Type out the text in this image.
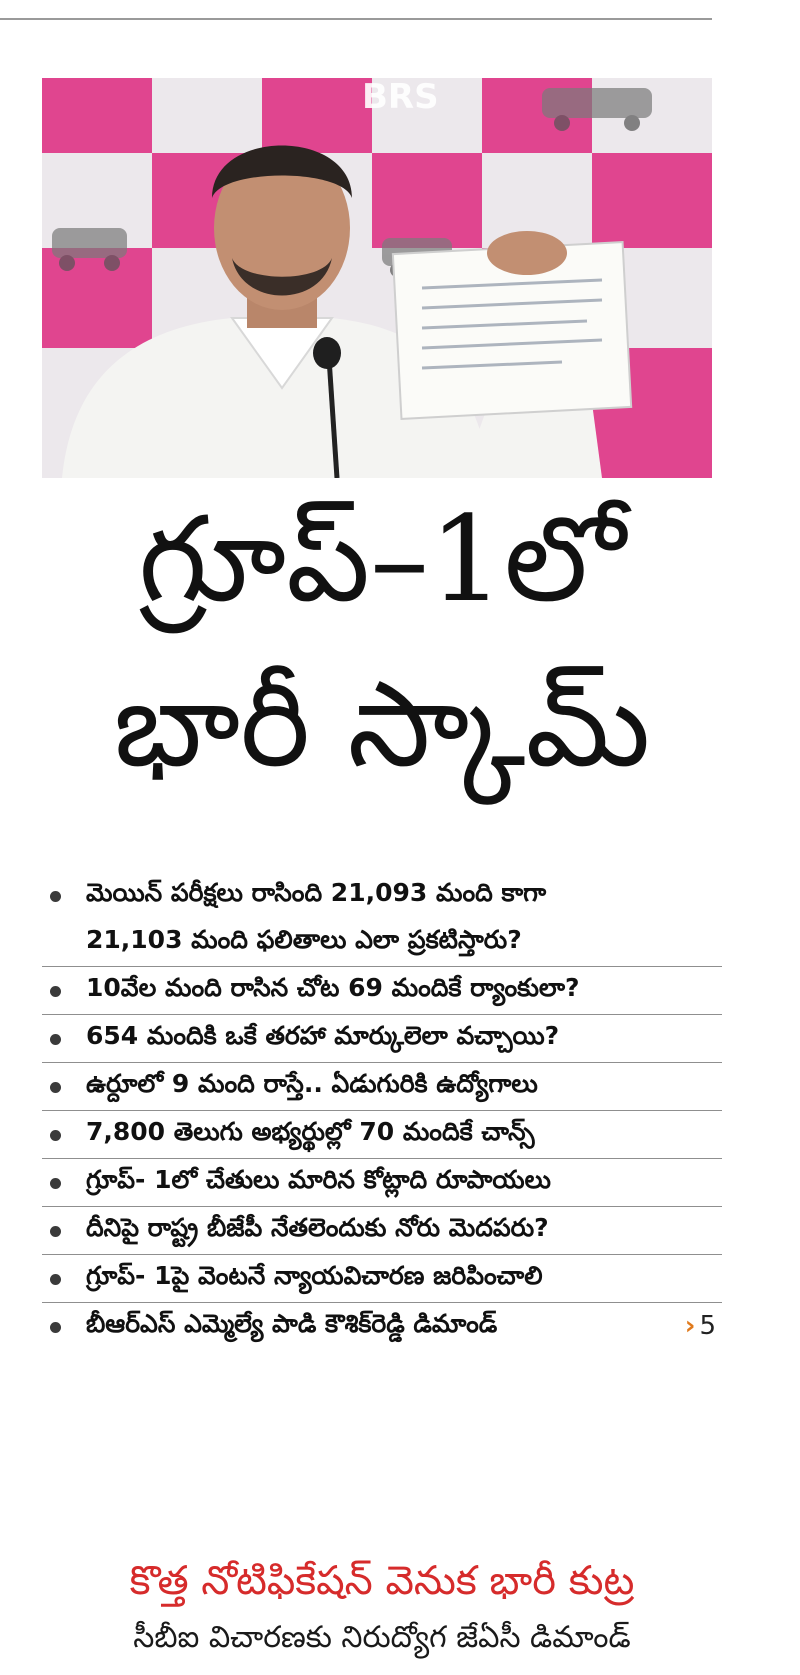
BRS
గ్రూప్‌–1లో
భారీ స్కామ్‌
మెయిన్‌ పరీక్షలు రాసింది 21,093 మంది కాగా
21,103 మంది ఫలితాలు ఎలా ప్రకటిస్తారు?
10వేల మంది రాసిన చోట 69 మందికే ర్యాంకులా?
654 మందికి ఒకే తరహా మార్కులెలా వచ్చాయి?
ఉర్దూలో 9 మంది రాస్తే.. ఏడుగురికి ఉద్యోగాలు
7,800 తెలుగు అభ్యర్థుల్లో 70 మందికే చాన్స్‌
గ్రూప్‌- 1లో చేతులు మారిన కోట్లాది రూపాయలు
దీనిపై రాష్ట్ర బీజేపీ నేతలెందుకు నోరు మెదపరు?
గ్రూప్‌- 1పై వెంటనే న్యాయవిచారణ జరిపించాలి
బీఆర్‌ఎస్‌ ఎమ్మెల్యే పాడి కౌశిక్‌రెడ్డి డిమాండ్‌	› 5
కొత్త నోటిఫికేషన్‌ వెనుక భారీ కుట్ర
సీబీఐ విచారణకు నిరుద్యోగ జేఏసీ డిమాండ్‌
